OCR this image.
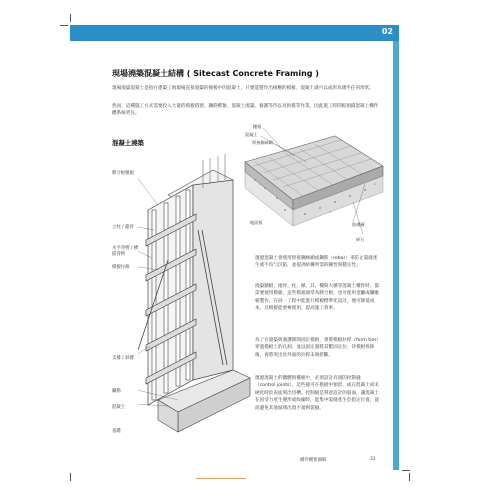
02
現場澆築混凝土結構 ( Sitecast Concrete Framing )
現場澆築混凝土是指在建築工地現場直接澆築的樑板中的混凝土，只要能製作出相應的模板，混凝土就可以成形為幾乎任何形狀。
然而，這種施工方式需要投入大量的模板搭建、鋼筋綁紮、混凝土澆築、養護等待以及拆模等作業，因此施工時間較預鑄混凝土構件體系統更長。
樓板
混凝土
焊接鋼絲網
地面板	防潮層
碎石
混凝土澆築
膠合板模板
立柱 / 龍骨
水平背楞 / 横擋背楞
模板拉條
支撐 / 斜撐
鋼筋
混凝土
基礎
現澆混凝土會使用焊接鋼絲網或鋼筋（rebar）來防止裂縫產生或不均勻沉陷，並提供結構所需的剛性與穩定性。
澆築牆板、地坪、柱、樑、其、樓與大樑等混凝土構件時，都需要使用模板，這些模板通常為膠合板，也可使用金屬或纖維板製作。在同一工程中能進行模板標準化設計，便可降低成本，且模板能重複使用，提高施工效率。
為了在澆築與養護期間固定模板，會將模板拉桿（form ties）穿過模板上的孔洞，並以固定器將其繫固定位；待模板拆除後，再將突出於外面的拉桿末端折斷。
現澆混凝土的牆體與樓板中，必須設計有規的控制縫（control joints），這些縫可在模板中預留，或在混凝土尚未硬化時於表面刻出切槽。控制縫是刻意設計的弱面，讓混凝土在因受力產生變形或收縮時，能集中裂縫產生於指定位置，從而避免其他區域出現不規則裂縫。
構件概要圖解	31
